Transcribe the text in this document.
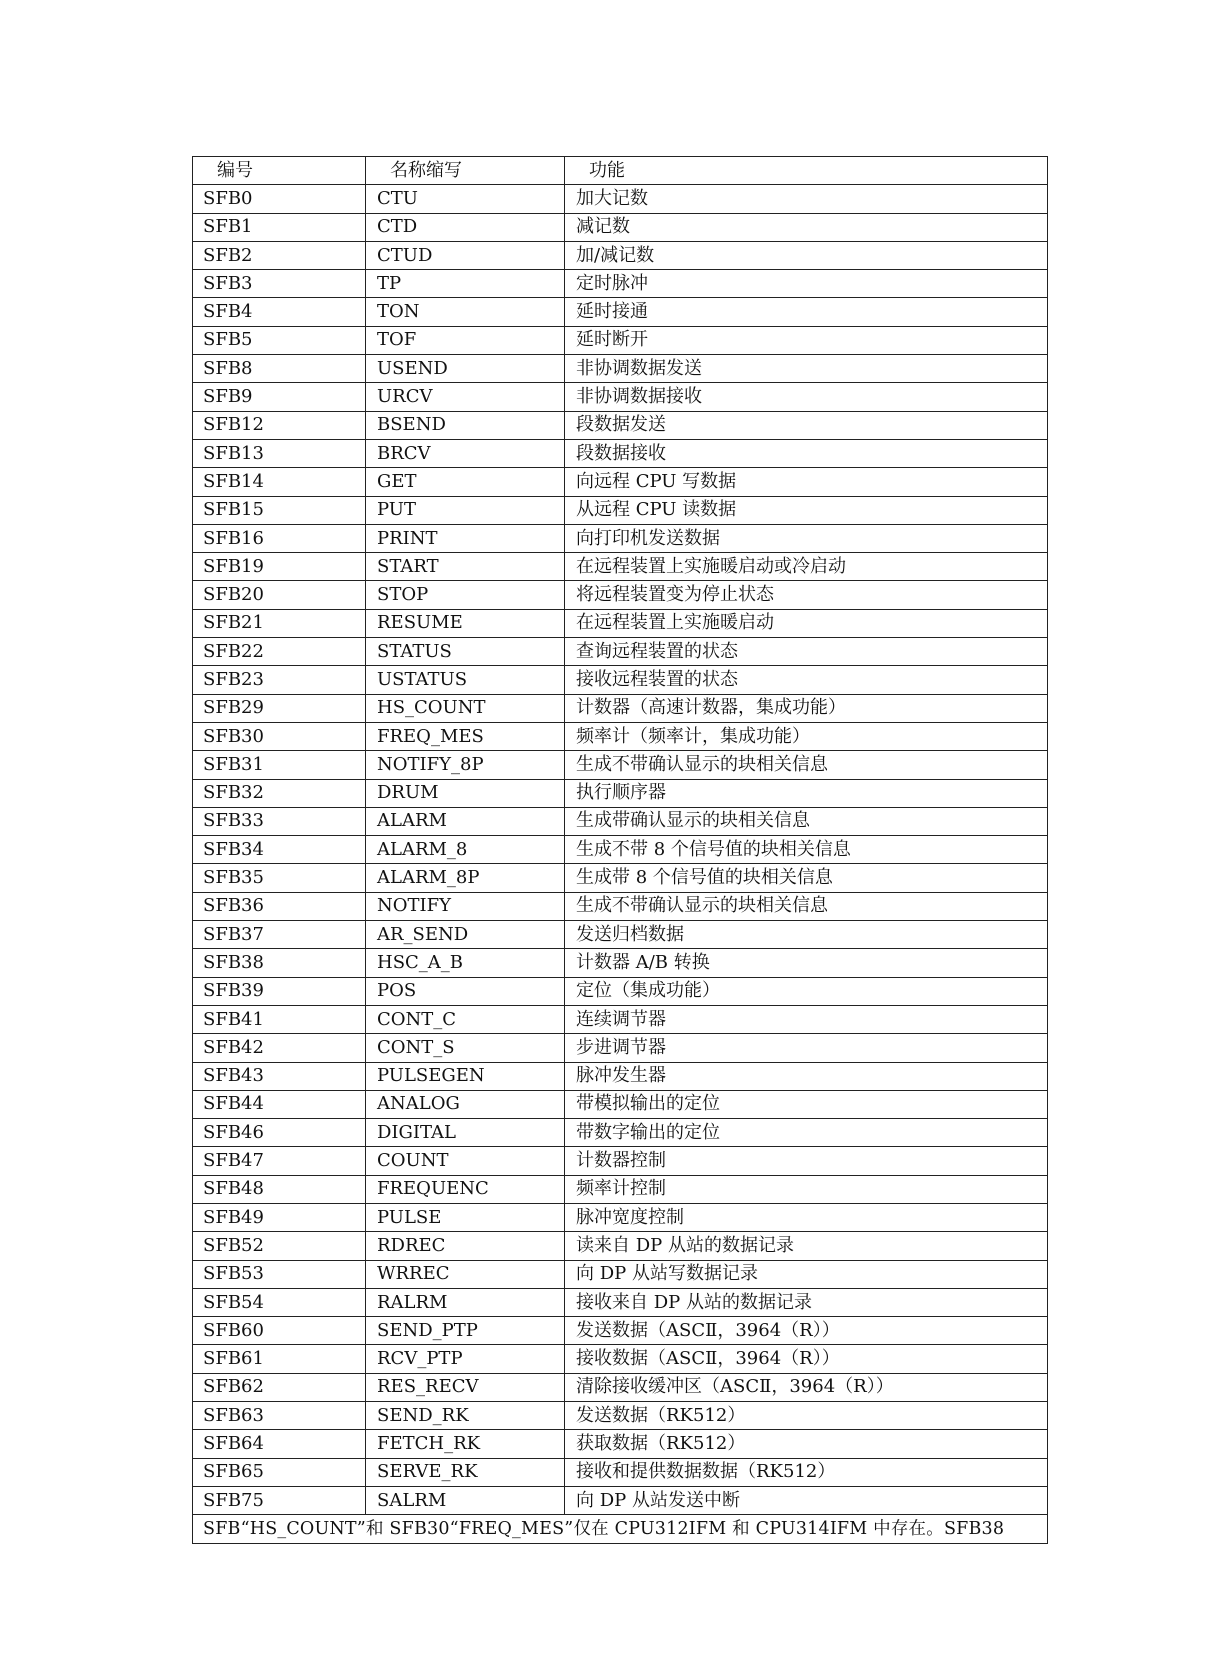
编号	名称缩写	功能
SFB0	CTU	加大记数
SFB1	CTD	减记数
SFB2	CTUD	加/减记数
SFB3	TP	定时脉冲
SFB4	TON	延时接通
SFB5	TOF	延时断开
SFB8	USEND	非协调数据发送
SFB9	URCV	非协调数据接收
SFB12	BSEND	段数据发送
SFB13	BRCV	段数据接收
SFB14	GET	向远程 CPU 写数据
SFB15	PUT	从远程 CPU 读数据
SFB16	PRINT	向打印机发送数据
SFB19	START	在远程装置上实施暖启动或冷启动
SFB20	STOP	将远程装置变为停止状态
SFB21	RESUME	在远程装置上实施暖启动
SFB22	STATUS	查询远程装置的状态
SFB23	USTATUS	接收远程装置的状态
SFB29	HS_COUNT	计数器（高速计数器，集成功能）
SFB30	FREQ_MES	频率计（频率计，集成功能）
SFB31	NOTIFY_8P	生成不带确认显示的块相关信息
SFB32	DRUM	执行顺序器
SFB33	ALARM	生成带确认显示的块相关信息
SFB34	ALARM_8	生成不带 8 个信号值的块相关信息
SFB35	ALARM_8P	生成带 8 个信号值的块相关信息
SFB36	NOTIFY	生成不带确认显示的块相关信息
SFB37	AR_SEND	发送归档数据
SFB38	HSC_A_B	计数器 A/B 转换
SFB39	POS	定位（集成功能）
SFB41	CONT_C	连续调节器
SFB42	CONT_S	步进调节器
SFB43	PULSEGEN	脉冲发生器
SFB44	ANALOG	带模拟输出的定位
SFB46	DIGITAL	带数字输出的定位
SFB47	COUNT	计数器控制
SFB48	FREQUENC	频率计控制
SFB49	PULSE	脉冲宽度控制
SFB52	RDREC	读来自 DP 从站的数据记录
SFB53	WRREC	向 DP 从站写数据记录
SFB54	RALRM	接收来自 DP 从站的数据记录
SFB60	SEND_PTP	发送数据（ASCⅡ，3964（R））
SFB61	RCV_PTP	接收数据（ASCⅡ，3964（R））
SFB62	RES_RECV	清除接收缓冲区（ASCⅡ，3964（R））
SFB63	SEND_RK	发送数据（RK512）
SFB64	FETCH_RK	获取数据（RK512）
SFB65	SERVE_RK	接收和提供数据数据（RK512）
SFB75	SALRM	向 DP 从站发送中断
SFB“HS_COUNT”和 SFB30“FREQ_MES”仅在 CPU312IFM 和 CPU314IFM 中存在。SFB38		
